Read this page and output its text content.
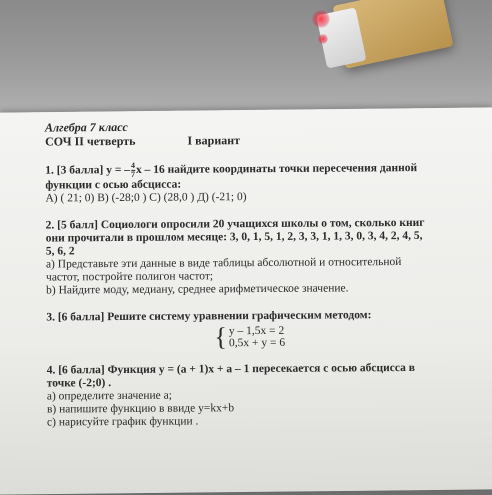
Алгебра 7 класс
СОЧ II четверть	I вариант
1. [3 балла] y = – $\frac{4}{7}$ x – 16 найдите координаты точки пересечения данной
функции с осью абсцисса:
А) ( 21; 0) В) (-28;0 ) С) (28,0 ) Д) (-21; 0)
2. [5 балл] Социологи опросили 20 учащихся школы о том, сколько книг
они прочитали в прошлом месяце: 3, 0, 1, 5, 1, 2, 3, 3, 1, 1, 3, 0, 3, 4, 2, 4, 5,
5, 6, 2
а) Представьте эти данные в виде таблицы абсолютной и относительной
частот, постройте полигон частот;
b) Найдите моду, медиану, среднее арифметическое значение.
3. [6 балла] Решите систему уравнении графическим методом:
{ y – 1,5x = 2
0,5x + y = 6
4. [6 балла] Функция y = (a + 1)x + a – 1 пересекается с осью абсцисса в
точке (-2;0) .
а) определите значение а;
в) напишите функцию в ввиде y=kx+b
с) нарисуйте график функции .
